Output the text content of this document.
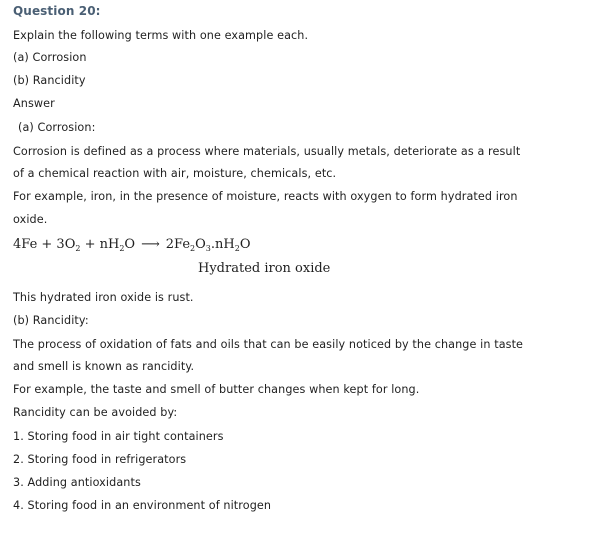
Question 20:
Explain the following terms with one example each.
(a) Corrosion
(b) Rancidity
Answer
(a) Corrosion:
Corrosion is defined as a process where materials, usually metals, deteriorate as a result
of a chemical reaction with air, moisture, chemicals, etc.
For example, iron, in the presence of moisture, reacts with oxygen to form hydrated iron
oxide.
$4Fe + 3O_2 + nH_2O$ ⟶ $2Fe_2O_3.nH_2O$
Hydrated iron oxide
This hydrated iron oxide is rust.
(b) Rancidity:
The process of oxidation of fats and oils that can be easily noticed by the change in taste
and smell is known as rancidity.
For example, the taste and smell of butter changes when kept for long.
Rancidity can be avoided by:
1. Storing food in air tight containers
2. Storing food in refrigerators
3. Adding antioxidants
4. Storing food in an environment of nitrogen
